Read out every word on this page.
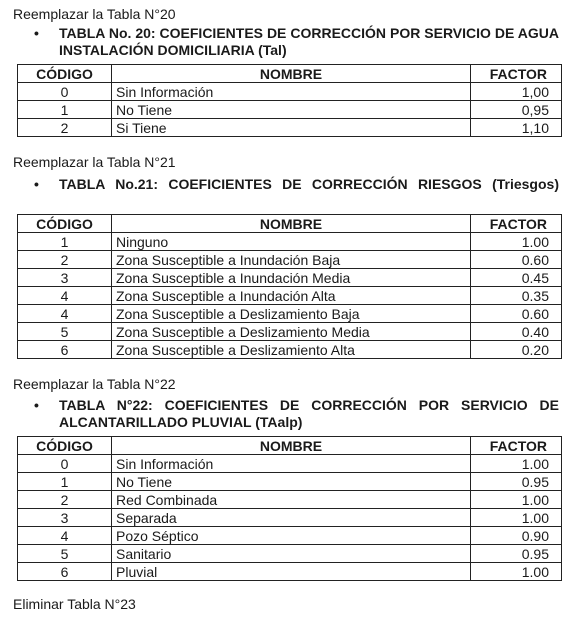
Reemplazar la Tabla N°20
• TABLA No. 20: COEFICIENTES DE CORRECCIÓN POR SERVICIO DE AGUA INSTALACIÓN DOMICILIARIA (Tal)
CÓDIGO	NOMBRE	FACTOR
0	Sin Información	1,00
1	No Tiene	0,95
2	Si Tiene	1,10
Reemplazar la Tabla N°21
• TABLA No.21: COEFICIENTES DE CORRECCIÓN RIESGOS (Triesgos)
CÓDIGO	NOMBRE	FACTOR
1	Ninguno	1.00
2	Zona Susceptible a Inundación Baja	0.60
3	Zona Susceptible a Inundación Media	0.45
4	Zona Susceptible a Inundación Alta	0.35
4	Zona Susceptible a Deslizamiento Baja	0.60
5	Zona Susceptible a Deslizamiento Media	0.40
6	Zona Susceptible a Deslizamiento Alta	0.20
Reemplazar la Tabla N°22
• TABLA N°22: COEFICIENTES DE CORRECCIÓN POR SERVICIO DE ALCANTARILLADO PLUVIAL (TAalp)
CÓDIGO	NOMBRE	FACTOR
0	Sin Información	1.00
1	No Tiene	0.95
2	Red Combinada	1.00
3	Separada	1.00
4	Pozo Séptico	0.90
5	Sanitario	0.95
6	Pluvial	1.00
Eliminar Tabla N°23
